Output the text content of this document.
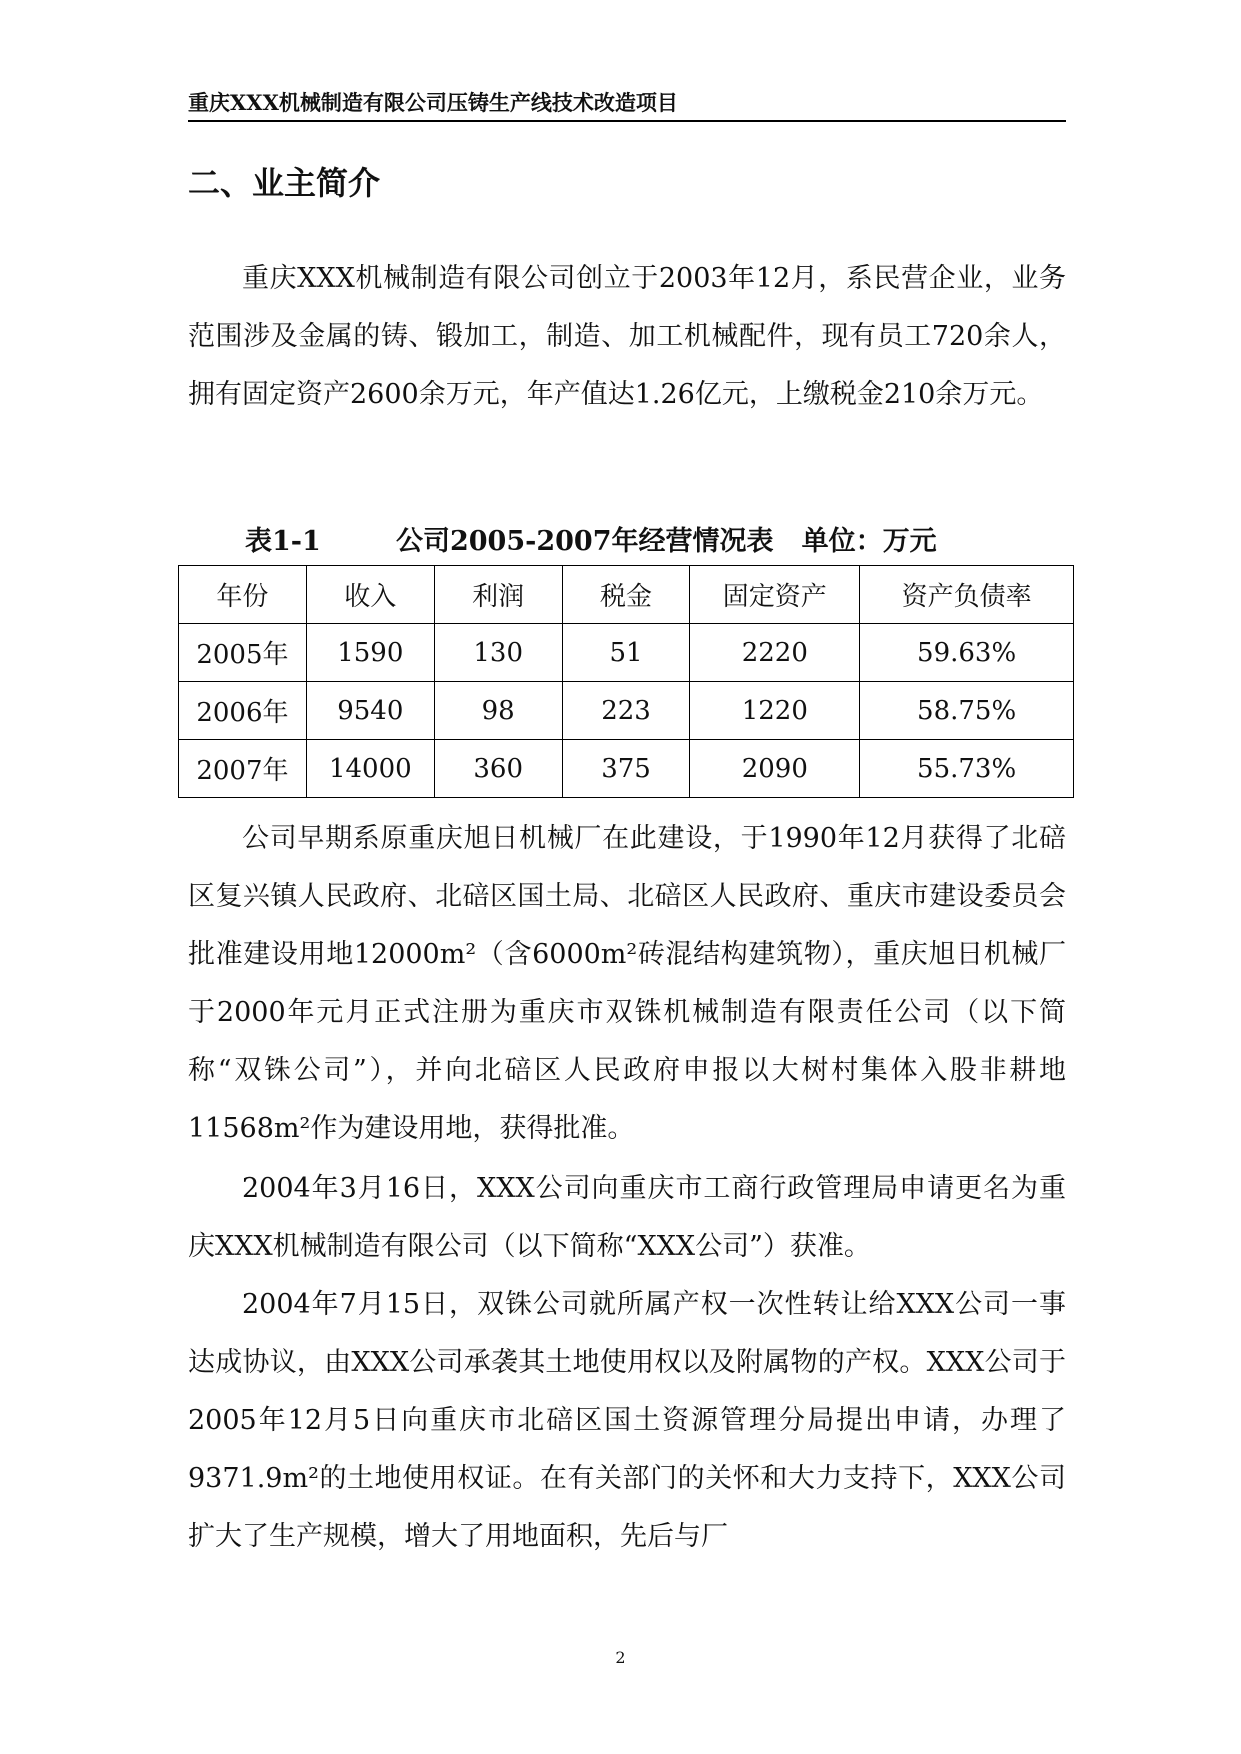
重庆XXX机械制造有限公司压铸生产线技术改造项目
二、业主简介

重庆XXX机械制造有限公司创立于2003年12月，系民营企业，业务范围涉及金属的铸、锻加工，制造、加工机械配件，现有员工720余人，拥有固定资产2600余万元，年产值达1.26亿元，上缴税金210余万元。

表1-1        公司2005-2007年经营情况表   单位：万元
年份	收入	利润	税金	固定资产	资产负债率
2005年	1590	130	51	2220	59.63%
2006年	9540	98	223	1220	58.75%
2007年	14000	360	375	2090	55.73%

公司早期系原重庆旭日机械厂在此建设，于1990年12月获得了北碚区复兴镇人民政府、北碚区国土局、北碚区人民政府、重庆市建设委员会批准建设用地12000m²（含6000m²砖混结构建筑物），重庆旭日机械厂于2000年元月正式注册为重庆市双铢机械制造有限责任公司（以下简称“双铢公司”），并向北碚区人民政府申报以大树村集体入股非耕地11568m²作为建设用地，获得批准。

2004年3月16日，XXX公司向重庆市工商行政管理局申请更名为重庆XXX机械制造有限公司（以下简称“XXX公司”）获准。

2004年7月15日，双铢公司就所属产权一次性转让给XXX公司一事达成协议，由XXX公司承袭其土地使用权以及附属物的产权。XXX公司于2005年12月5日向重庆市北碚区国土资源管理分局提出申请，办理了9371.9m²的土地使用权证。在有关部门的关怀和大力支持下，XXX公司扩大了生产规模，增大了用地面积，先后与厂

2
